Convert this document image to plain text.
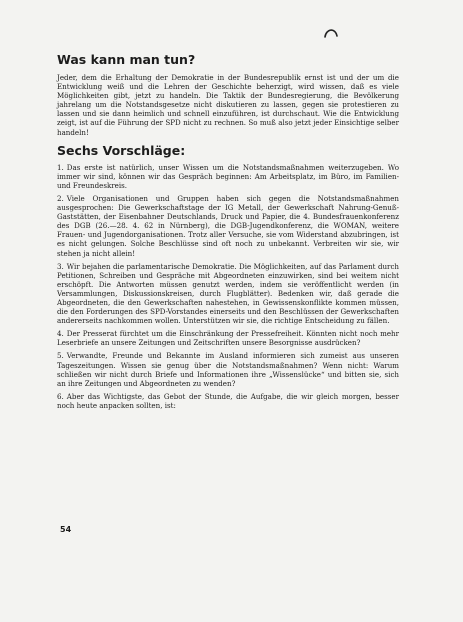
Was kann man tun?

Jeder, dem die Erhaltung der Demokratie in der Bundesrepublik ernst ist und der um die Entwicklung weiß und die Lehren der Geschichte beherzigt, wird wissen, daß es viele Möglichkeiten gibt, jetzt zu handeln. Die Taktik der Bundesregierung, die Bevölkerung jahrelang um die Notstandsgesetze nicht diskutieren zu lassen, gegen sie protestieren zu lassen und sie dann heimlich und schnell einzuführen, ist durchschaut. Wie die Entwicklung zeigt, ist auf die Führung der SPD nicht zu rechnen. So muß also jetzt jeder Einsichtige selber handeln!

Sechs Vorschläge:
1. Das erste ist natürlich, unser Wissen um die Notstandsmaßnahmen weiterzugeben. Wo immer wir sind, können wir das Gespräch beginnen: Am Arbeitsplatz, im Büro, im Familien- und Freundeskreis.
2. Viele Organisationen und Gruppen haben sich gegen die Notstandsmaßnahmen ausgesprochen: Die Gewerkschaftstage der IG Metall, der Gewerkschaft Nahrung-Genuß-Gaststätten, der Eisenbahner Deutschlands, Druck und Papier, die 4. Bundesfrauenkonferenz des DGB (26.—28. 4. 62 in Nürnberg), die DGB-Jugendkonferenz, die WOMAN, weitere Frauen- und Jugendorganisationen. Trotz aller Versuche, sie vom Widerstand abzubringen, ist es nicht gelungen. Solche Beschlüsse sind oft noch zu unbekannt. Verbreiten wir sie, wir stehen ja nicht allein!
3. Wir bejahen die parlamentarische Demokratie. Die Möglichkeiten, auf das Parlament durch Petitionen, Schreiben und Gespräche mit Abgeordneten einzuwirken, sind bei weitem nicht erschöpft. Die Antworten müssen genutzt werden, indem sie veröffentlicht werden (in Versammlungen, Diskussionskreisen, durch Flugblätter). Bedenken wir, daß gerade die Abgeordneten, die den Gewerkschaften nahestehen, in Gewissenskonflikte kommen müssen, die den Forderungen des SPD-Vorstandes einerseits und den Beschlüssen der Gewerkschaften andererseits nachkommen wollen. Unterstützen wir sie, die richtige Entscheidung zu fällen.
4. Der Presserat fürchtet um die Einschränkung der Pressefreiheit. Könnten nicht noch mehr Leserbriefe an unsere Zeitungen und Zeitschriften unsere Besorgnisse ausdrücken?
5. Verwandte, Freunde und Bekannte im Ausland informieren sich zumeist aus unseren Tageszeitungen. Wissen sie genug über die Notstandsmaßnahmen? Wenn nicht: Warum schließen wir nicht durch Briefe und Informationen ihre „Wissenslücke“ und bitten sie, sich an ihre Zeitungen und Abgeordneten zu wenden?
6. Aber das Wichtigste, das Gebot der Stunde, die Aufgabe, die wir gleich morgen, besser noch heute anpacken sollten, ist:
54
